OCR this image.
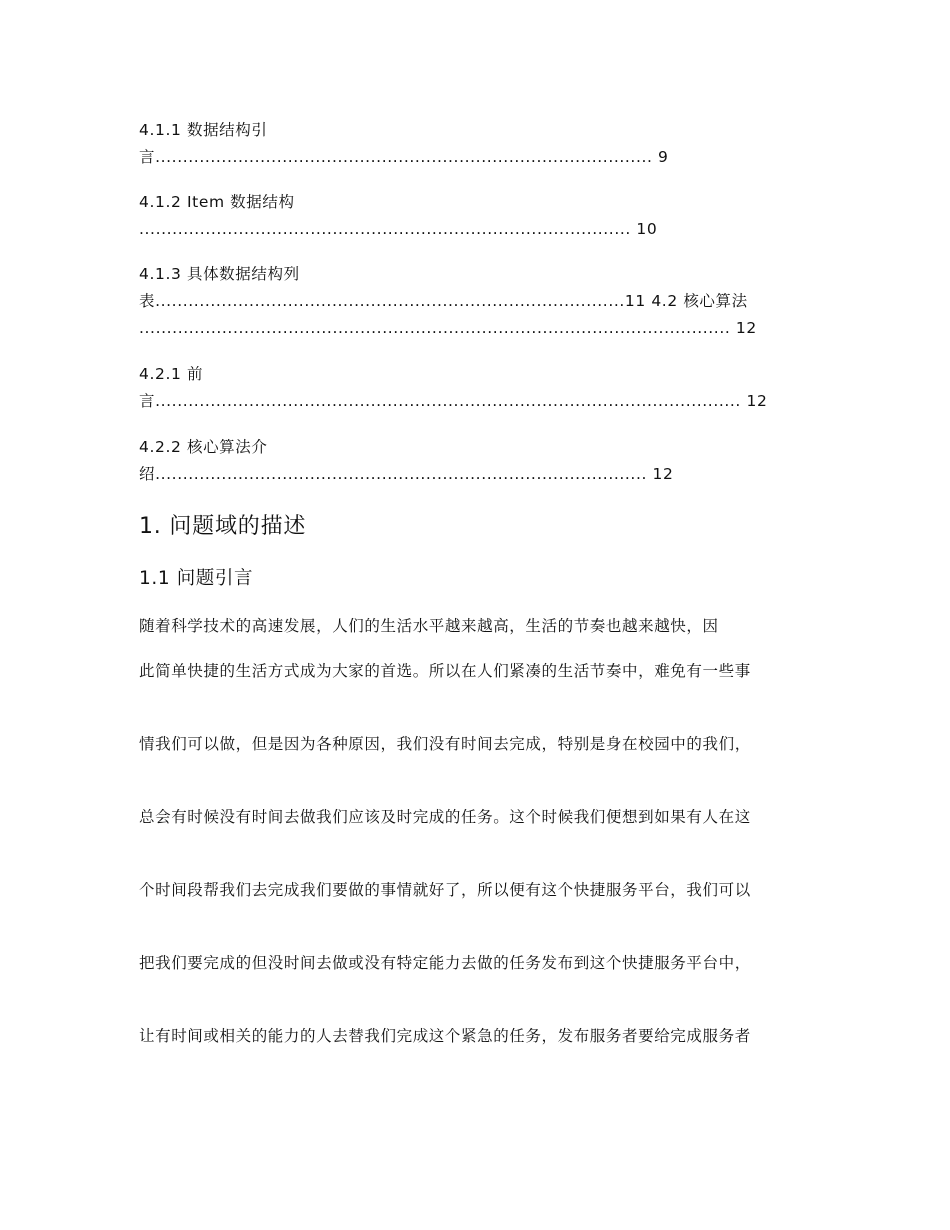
4.1.1 数据结构引
言.......................................................................................... 9
4.1.2 Item 数据结构
......................................................................................... 10
4.1.3 具体数据结构列
表.....................................................................................11 4.2 核心算法
........................................................................................................... 12
4.2.1 前
言.......................................................................................................... 12
4.2.2 核心算法介
绍......................................................................................... 12
1. 问题域的描述
1.1 问题引言
随着科学技术的高速发展，人们的生活水平越来越高，生活的节奏也越来越快，因
此简单快捷的生活方式成为大家的首选。所以在人们紧凑的生活节奏中，难免有一些事
情我们可以做，但是因为各种原因，我们没有时间去完成，特别是身在校园中的我们，
总会有时候没有时间去做我们应该及时完成的任务。这个时候我们便想到如果有人在这
个时间段帮我们去完成我们要做的事情就好了，所以便有这个快捷服务平台，我们可以
把我们要完成的但没时间去做或没有特定能力去做的任务发布到这个快捷服务平台中，
让有时间或相关的能力的人去替我们完成这个紧急的任务，发布服务者要给完成服务者
